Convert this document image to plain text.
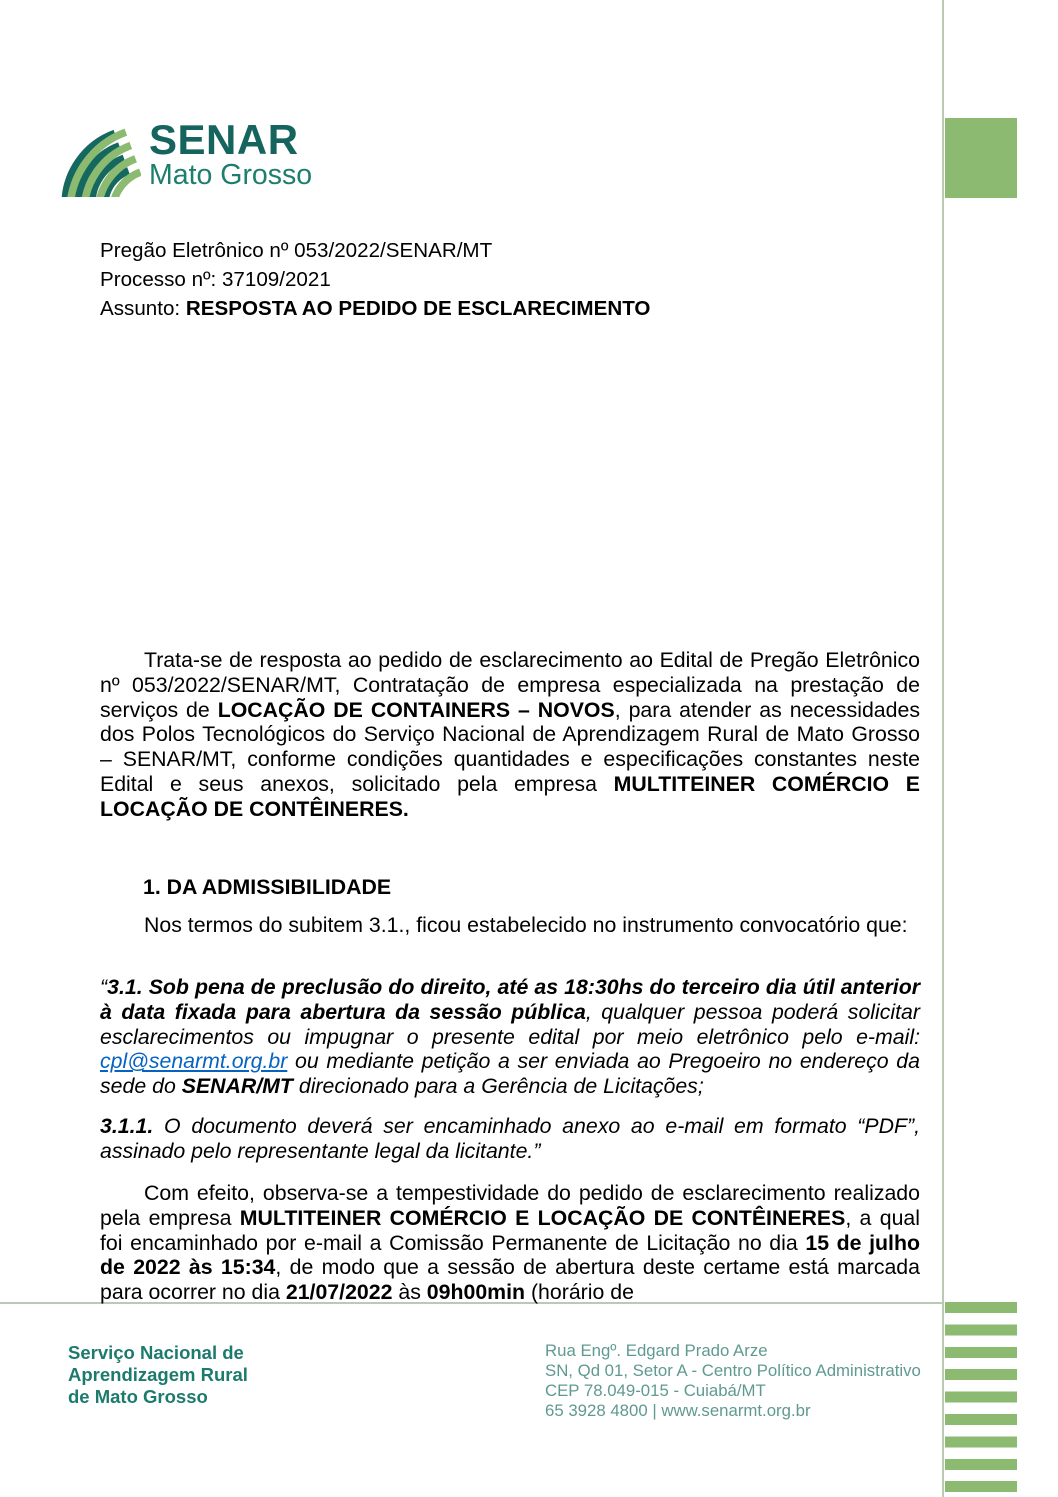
SENAR
Mato Grosso

Pregão Eletrônico nº 053/2022/SENAR/MT

Processo nº: 37109/2021

Assunto: RESPOSTA AO PEDIDO DE ESCLARECIMENTO

Trata-se de resposta ao pedido de esclarecimento ao Edital de Pregão Eletrônico nº 053/2022/SENAR/MT, Contratação de empresa especializada na prestação de serviços de LOCAÇÃO DE CONTAINERS – NOVOS, para atender as necessidades dos Polos Tecnológicos do Serviço Nacional de Aprendizagem Rural de Mato Grosso – SENAR/MT, conforme condições quantidades e especificações constantes neste Edital e seus anexos, solicitado pela empresa MULTITEINER COMÉRCIO E LOCAÇÃO DE CONTÊINERES.

1. DA ADMISSIBILIDADE

Nos termos do subitem 3.1., ficou estabelecido no instrumento convocatório que:

“3.1. Sob pena de preclusão do direito, até as 18:30hs do terceiro dia útil anterior à data fixada para abertura da sessão pública, qualquer pessoa poderá solicitar esclarecimentos ou impugnar o presente edital por meio eletrônico pelo e-mail: cpl@senarmt.org.br ou mediante petição a ser enviada ao Pregoeiro no endereço da sede do SENAR/MT direcionado para a Gerência de Licitações;

3.1.1. O documento deverá ser encaminhado anexo ao e-mail em formato “PDF”, assinado pelo representante legal da licitante.”

Com efeito, observa-se a tempestividade do pedido de esclarecimento realizado pela empresa MULTITEINER COMÉRCIO E LOCAÇÃO DE CONTÊINERES, a qual foi encaminhado por e-mail a Comissão Permanente de Licitação no dia 15 de julho de 2022 às 15:34, de modo que a sessão de abertura deste certame está marcada para ocorrer no dia 21/07/2022 às 09h00min (horário de

Serviço Nacional de
Aprendizagem Rural
de Mato Grosso
Rua Engº. Edgard Prado Arze
SN, Qd 01, Setor A - Centro Político Administrativo
CEP 78.049-015 - Cuiabá/MT
65 3928 4800 | www.senarmt.org.br
